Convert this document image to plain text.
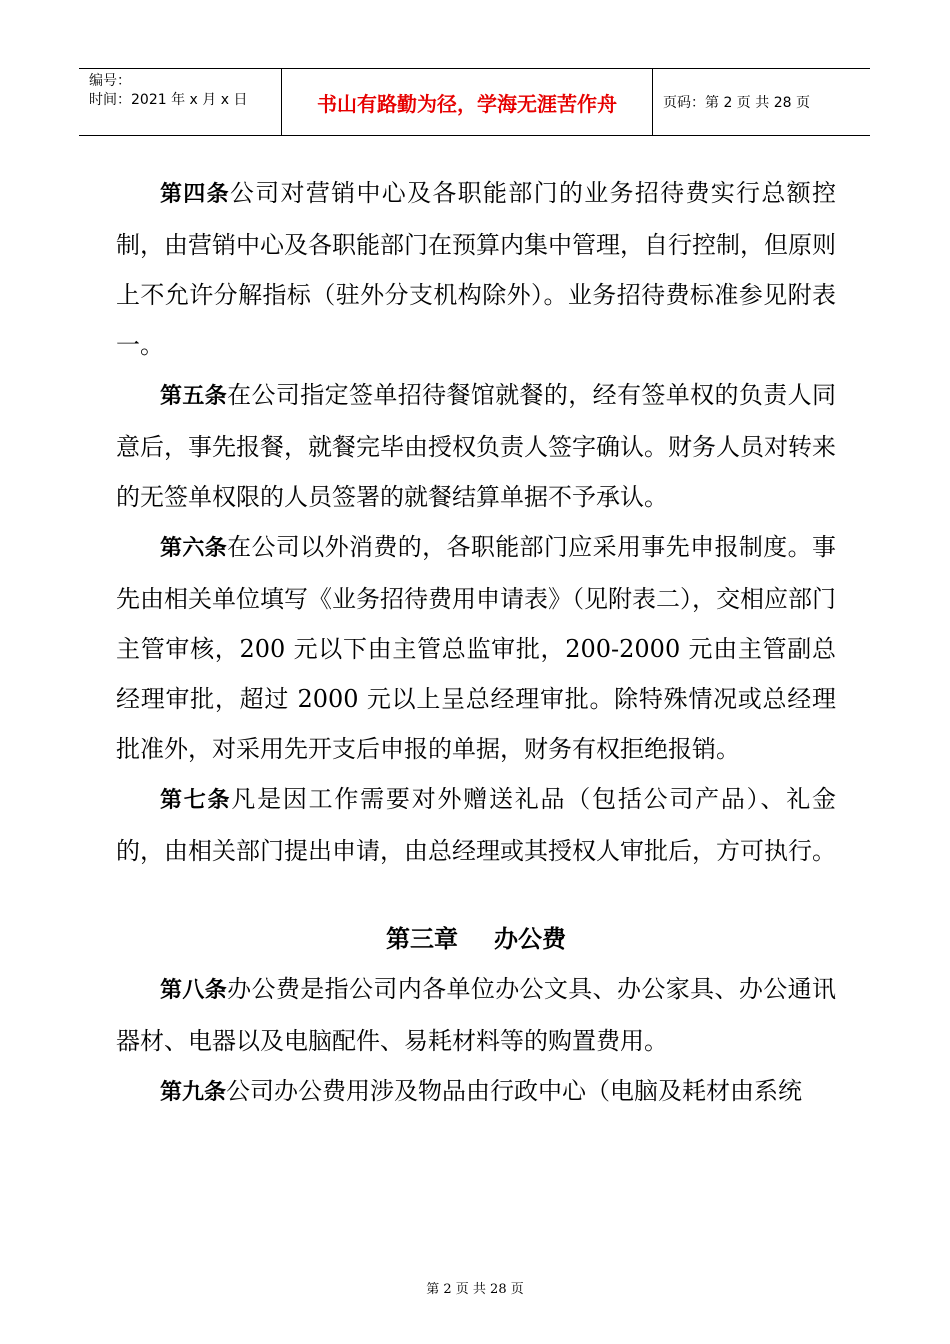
编号：
时间：2021 年 x 月 x 日	书山有路勤为径，学海无涯苦作舟	页码：第 2 页 共 28 页

第四条公司对营销中心及各职能部门的业务招待费实行总额控制，由营销中心及各职能部门在预算内集中管理，自行控制，但原则上不允许分解指标（驻外分支机构除外）。业务招待费标准参见附表一。

第五条在公司指定签单招待餐馆就餐的，经有签单权的负责人同意后，事先报餐，就餐完毕由授权负责人签字确认。财务人员对转来的无签单权限的人员签署的就餐结算单据不予承认。

第六条在公司以外消费的，各职能部门应采用事先申报制度。事先由相关单位填写《业务招待费用申请表》（见附表二），交相应部门主管审核，200 元以下由主管总监审批，200-2000 元由主管副总经理审批，超过 2000 元以上呈总经理审批。除特殊情况或总经理批准外，对采用先开支后申报的单据，财务有权拒绝报销。

第七条凡是因工作需要对外赠送礼品（包括公司产品）、礼金的，由相关部门提出申请，由总经理或其授权人审批后，方可执行。

第三章 办公费

第八条办公费是指公司内各单位办公文具、办公家具、办公通讯器材、电器以及电脑配件、易耗材料等的购置费用。

第九条公司办公费用涉及物品由行政中心（电脑及耗材由系统

第 2 页 共 28 页
